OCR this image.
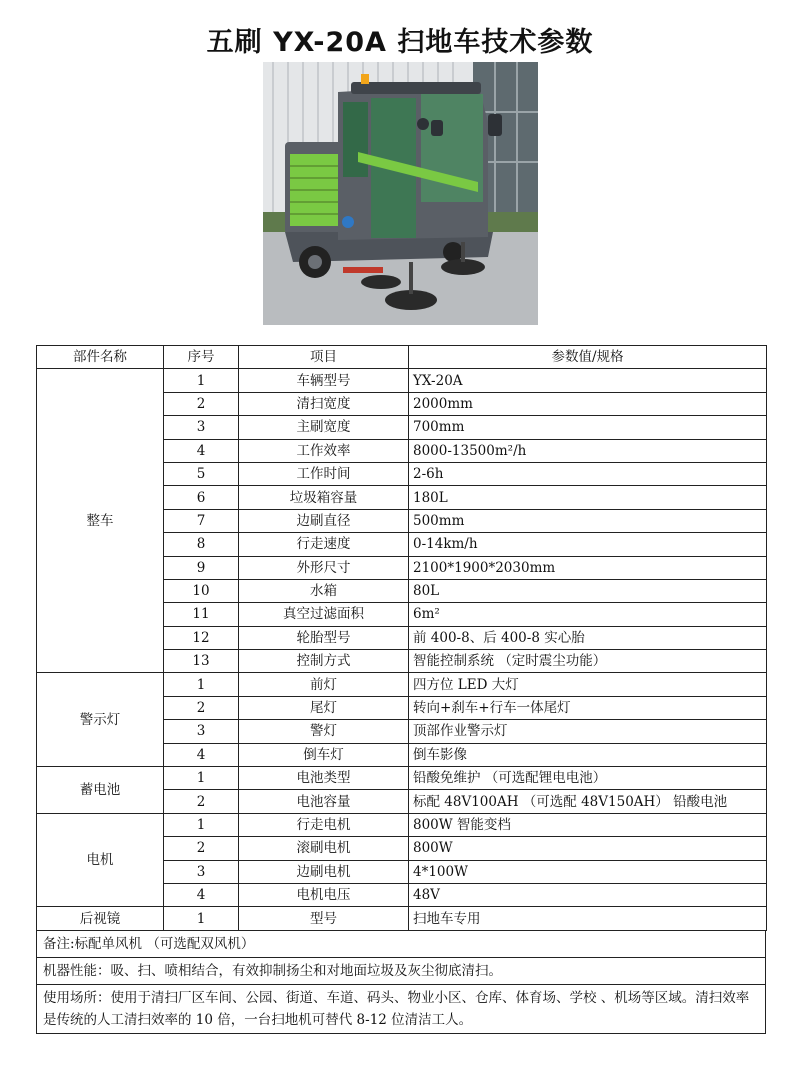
五刷 YX-20A 扫地车技术参数
部件名称	序号	项目	参数值/规格
整车	1	车辆型号	YX-20A
	2	清扫宽度	2000mm
	3	主刷宽度	700mm
	4	工作效率	8000-13500m²/h
	5	工作时间	2-6h
	6	垃圾箱容量	180L
	7	边刷直径	500mm
	8	行走速度	0-14km/h
	9	外形尺寸	2100*1900*2030mm
	10	水箱	80L
	11	真空过滤面积	6m²
	12	轮胎型号	前 400-8、后 400-8 实心胎
	13	控制方式	智能控制系统 （定时震尘功能）
警示灯	1	前灯	四方位 LED 大灯
	2	尾灯	转向+刹车+行车一体尾灯
	3	警灯	顶部作业警示灯
	4	倒车灯	倒车影像
蓄电池	1	电池类型	铅酸免维护 （可选配锂电电池）
	2	电池容量	标配 48V100AH （可选配 48V150AH） 铅酸电池
电机	1	行走电机	800W 智能变档
	2	滚刷电机	800W
	3	边刷电机	4*100W
	4	电机电压	48V
后视镜	1	型号	扫地车专用
备注:标配单风机 （可选配双风机）
机器性能：吸、扫、喷相结合，有效抑制扬尘和对地面垃圾及灰尘彻底清扫。
使用场所：使用于清扫厂区车间、公园、街道、车道、码头、物业小区、仓库、体育场、学校 、机场等区域。清扫效率是传统的人工清扫效率的 10 倍，一台扫地机可替代 8-12 位清洁工人。
